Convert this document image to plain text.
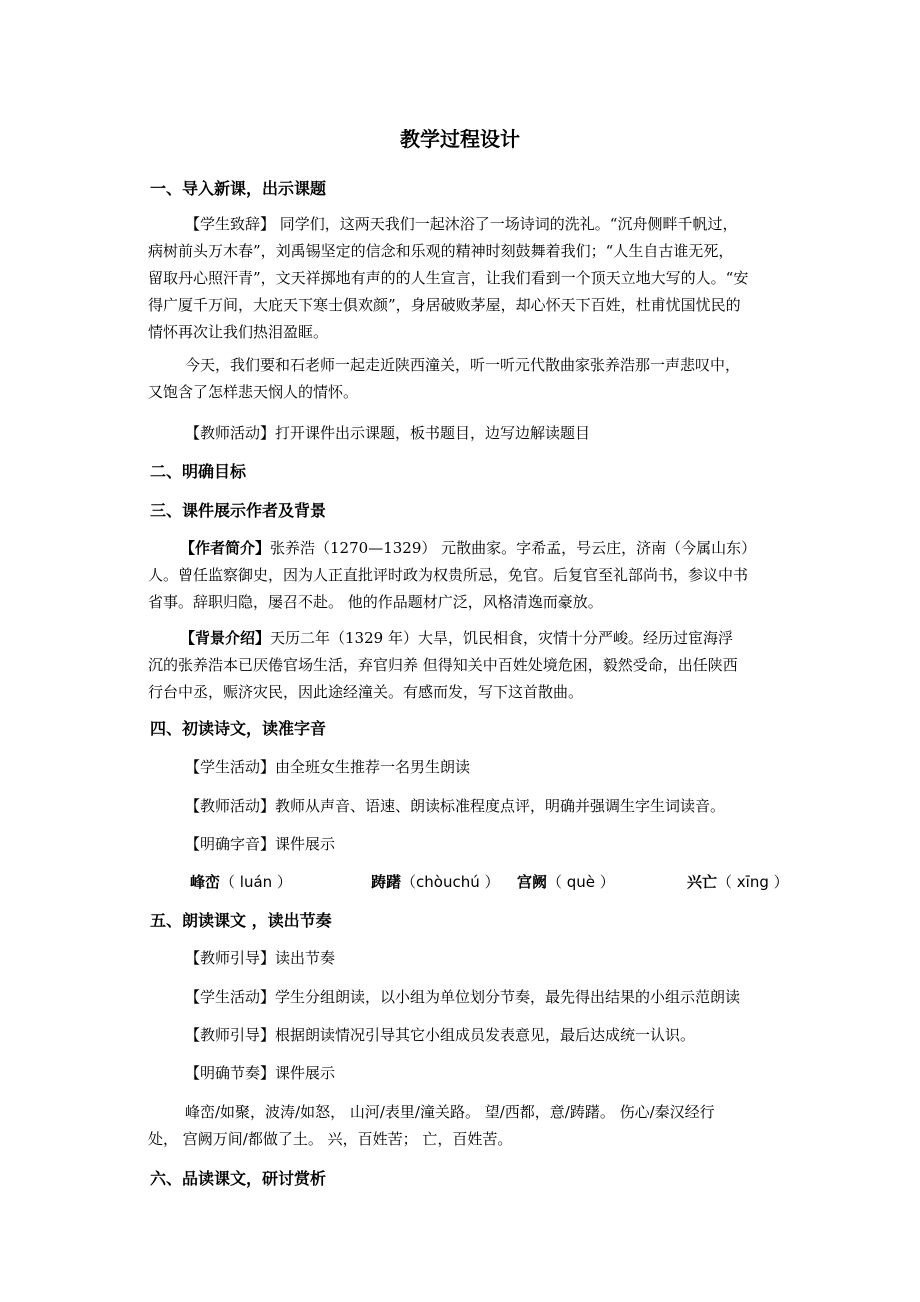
教学过程设计
一、导入新课，出示课题
【学生致辞】 同学们，这两天我们一起沐浴了一场诗词的洗礼。“沉舟侧畔千帆过，
病树前头万木春”，刘禹锡坚定的信念和乐观的精神时刻鼓舞着我们；“人生自古谁无死，
留取丹心照汗青”，文天祥掷地有声的的人生宣言，让我们看到一个顶天立地大写的人。“安
得广厦千万间，大庇天下寒士俱欢颜”，身居破败茅屋，却心怀天下百姓，杜甫忧国忧民的
情怀再次让我们热泪盈眶。
今天，我们要和石老师一起走近陕西潼关，听一听元代散曲家张养浩那一声悲叹中，
又饱含了怎样悲天悯人的情怀。
【教师活动】打开课件出示课题，板书题目，边写边解读题目
二、明确目标
三、课件展示作者及背景
【作者简介】张养浩（1270—1329） 元散曲家。字希孟，号云庄，济南（今属山东）
人。曾任监察御史，因为人正直批评时政为权贵所忌，免官。后复官至礼部尚书，参议中书
省事。辞职归隐，屡召不赴。 他的作品题材广泛，风格清逸而豪放。
【背景介绍】天历二年（1329 年）大旱，饥民相食，灾情十分严峻。经历过宦海浮
沉的张养浩本已厌倦官场生活，弃官归养 但得知关中百姓处境危困，毅然受命，出任陕西
行台中丞，赈济灾民，因此途经潼关。有感而发，写下这首散曲。
四、初读诗文，读准字音
【学生活动】由全班女生推荐一名男生朗读
【教师活动】教师从声音、语速、朗读标准程度点评，明确并强调生字生词读音。
【明确字音】课件展示
峰峦（ luán ）	踌躇（chòuchú ） 宫阙（ què ）	兴亡（ xīng ）
五、朗读课文 ，读出节奏
【教师引导】读出节奏
【学生活动】学生分组朗读，以小组为单位划分节奏，最先得出结果的小组示范朗读
【教师引导】根据朗读情况引导其它小组成员发表意见，最后达成统一认识。
【明确节奏】课件展示
峰峦/如聚，波涛/如怒， 山河/表里/潼关路。 望/西都，意/踌躇。 伤心/秦汉经行
处， 宫阙万间/都做了土。 兴，百姓苦； 亡，百姓苦。
六、品读课文，研讨赏析
